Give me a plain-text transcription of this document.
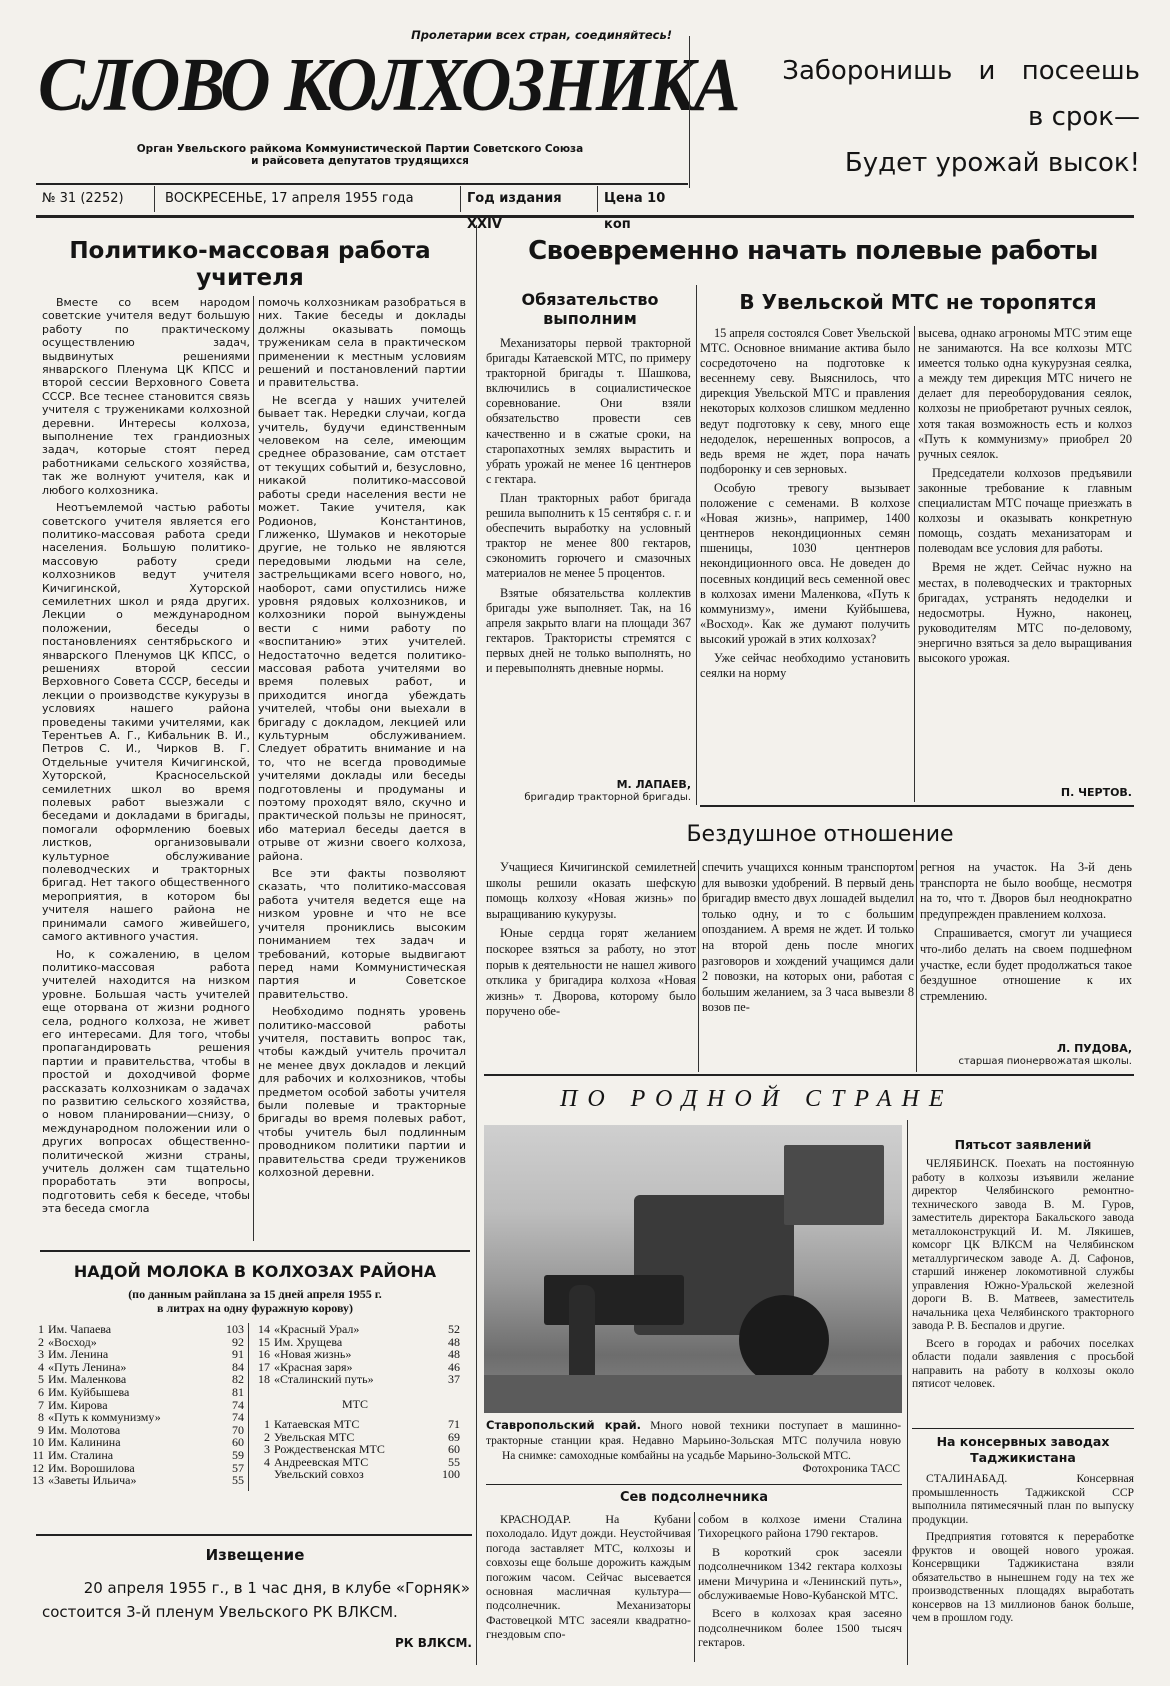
Пролетарии всех стран, соединяйтесь!
СЛОВО КОЛХОЗНИКА
Орган Увельского райкома Коммунистической Партии Советского Союза
и райсовета депутатов трудящихся
Заборонишь и посеешь
в срок—
Будет урожай высок!
№ 31 (2252)	ВОСКРЕСЕНЬЕ, 17 апреля 1955 года	Год издания XXIV
Цена 10 коп
Политико-массовая работа учителя

Вместе со всем народом советские учителя ведут большую работу по практическому осуществлению задач, выдвинутых решениями январского Пленума ЦК КПСС и второй сессии Верховного Совета СССР. Все теснее становится связь учителя с тружениками колхозной деревни. Интересы колхоза, выполнение тех грандиозных задач, которые стоят перед работниками сельского хозяйства, так же волнуют учителя, как и любого колхозника.

Неотъемлемой частью работы советского учителя является его политико-массовая работа среди населения. Большую политико-массовую работу среди колхозников ведут учителя Кичигинской, Хуторской семилетних школ и ряда других. Лекции о международном положении, беседы о постановлениях сентябрьского и январского Пленумов ЦК КПСС, о решениях второй сессии Верховного Совета СССР, беседы и лекции о производстве кукурузы в условиях нашего района проведены такими учителями, как Терентьев А. Г., Кибальник В. И., Петров С. И., Чирков В. Г. Отдельные учителя Кичигинской, Хуторской, Красносельской семилетних школ во время полевых работ выезжали с беседами и докладами в бригады, помогали оформлению боевых листков, организовывали культурное обслуживание полеводческих и тракторных бригад. Нет такого общественного мероприятия, в котором бы учителя нашего района не принимали самого живейшего, самого активного участия.

Но, к сожалению, в целом политико-массовая работа учителей находится на низком уровне. Большая часть учителей еще оторвана от жизни родного села, родного колхоза, не живет его интересами. Для того, чтобы пропагандировать решения партии и правительства, чтобы в простой и доходчивой форме рассказать колхозникам о задачах по развитию сельского хозяйства, о новом планировании—снизу, о международном положении или о других вопросах общественно-политической жизни страны, учитель должен сам тщательно проработать эти вопросы, подготовить себя к беседе, чтобы эта беседа смогла

помочь колхозникам разобраться в них. Такие беседы и доклады должны оказывать помощь труженикам села в практическом применении к местным условиям решений и постановлений партии и правительства.

Не всегда у наших учителей бывает так. Нередки случаи, когда учитель, будучи единственным человеком на селе, имеющим среднее образование, сам отстает от текущих событий и, безусловно, никакой политико-массовой работы среди населения вести не может. Такие учителя, как Родионов, Константинов, Глиженко, Шумаков и некоторые другие, не только не являются передовыми людьми на селе, застрельщиками всего нового, но, наоборот, сами опустились ниже уровня рядовых колхозников, и колхозники порой вынуждены вести с ними работу по «воспитанию» этих учителей. Недостаточно ведется политико-массовая работа учителями во время полевых работ, и приходится иногда убеждать учителей, чтобы они выехали в бригаду с докладом, лекцией или культурным обслуживанием. Следует обратить внимание и на то, что не всегда проводимые учителями доклады или беседы подготовлены и продуманы и поэтому проходят вяло, скучно и практической пользы не приносят, ибо материал беседы дается в отрыве от жизни своего колхоза, района.

Все эти факты позволяют сказать, что политико-массовая работа учителя ведется еще на низком уровне и что не все учителя прониклись высоким пониманием тех задач и требований, которые выдвигают перед нами Коммунистическая партия и Советское правительство.

Необходимо поднять уровень политико-массовой работы учителя, поставить вопрос так, чтобы каждый учитель прочитал не менее двух докладов и лекций для рабочих и колхозников, чтобы предметом особой заботы учителя были полевые и тракторные бригады во время полевых работ, чтобы учитель был подлинным проводником политики партии и правительства среди тружеников колхозной деревни.

НАДОЙ МОЛОКА В КОЛХОЗАХ РАЙОНА
(по данным райплана за 15 дней апреля 1955 г.
в литрах на одну фуражную корову)
1 Им. Чапаева	103
2 «Восход»	92
3 Им. Ленина	91
4 «Путь Ленина»	84
5 Им. Маленкова	82
6 Им. Куйбышева	81
7 Им. Кирова	74
8 «Путь к коммунизму»	74
9 Им. Молотова	70
10 Им. Калинина	60
11 Им. Сталина	59
12 Им. Ворошилова	57
13 «Заветы Ильича»	55
14 «Красный Урал»	52
15 Им. Хрущева	48
16 «Новая жизнь»	48
17 «Красная заря»	46
18 «Сталинский путь»	37
МТС
1 Катаевская МТС	71
2 Увельская МТС	69
3 Рождественская МТС	60
4 Андреевская МТС	55
Увельский совхоз	100
Извещение
20 апреля 1955 г., в 1 час дня, в клубе «Горняк»
состоится 3-й пленум Увельского РК ВЛКСМ.
РК ВЛКСМ.
Своевременно начать полевые работы
Обязательство выполним

Механизаторы первой тракторной бригады Катаевской МТС, по примеру тракторной бригады т. Шашкова, включились в социалистическое соревнование. Они взяли обязательство провести сев качественно и в сжатые сроки, на старопахотных землях вырастить и убрать урожай не менее 16 центнеров с гектара.

План тракторных работ бригада решила выполнить к 15 сентября с. г. и обеспечить выработку на условный трактор не менее 800 гектаров, сэкономить горючего и смазочных материалов не менее 5 процентов.

Взятые обязательства коллектив бригады уже выполняет. Так, на 16 апреля закрыто влаги на площади 367 гектаров. Трактористы стремятся с первых дней не только выполнять, но и перевыполнять дневные нормы.

М. ЛАПАЕВ,
бригадир тракторной бригады.
В Увельской МТС не торопятся

15 апреля состоялся Совет Увельской МТС. Основное внимание актива было сосредоточено на подготовке к весеннему севу. Выяснилось, что дирекция Увельской МТС и правления некоторых колхозов слишком медленно ведут подготовку к севу, много еще недоделок, нерешенных вопросов, а ведь время не ждет, пора начать подборонку и сев зерновых.

Особую тревогу вызывает положение с семенами. В колхозе «Новая жизнь», например, 1400 центнеров некондиционных семян пшеницы, 1030 центнеров некондиционного овса. Не доведен до посевных кондиций весь семенной овес в колхозах имени Маленкова, «Путь к коммунизму», имени Куйбышева, «Восход». Как же думают получить высокий урожай в этих колхозах?

Уже сейчас необходимо установить сеялки на норму

высева, однако агрономы МТС этим еще не занимаются. На все колхозы МТС имеется только одна кукурузная сеялка, а между тем дирекция МТС ничего не делает для переоборудования сеялок, колхозы не приобретают ручных сеялок, хотя такая возможность есть и колхоз «Путь к коммунизму» приобрел 20 ручных сеялок.

Председатели колхозов предъявили законные требование к главным специалистам МТС почаще приезжать в колхозы и оказывать конкретную помощь, создать механизаторам и полеводам все условия для работы.

Время не ждет. Сейчас нужно на местах, в полеводческих и тракторных бригадах, устранять недоделки и недосмотры. Нужно, наконец, руководителям МТС по-деловому, энергично взяться за дело выращивания высокого урожая.

П. ЧЕРТОВ.
Бездушное отношение

Учащиеся Кичигинской семилетней школы решили оказать шефскую помощь колхозу «Новая жизнь» по выращиванию кукурузы.

Юные сердца горят желанием поскорее взяться за работу, но этот порыв к деятельности не нашел живого отклика у бригадира колхоза «Новая жизнь» т. Дворова, которому было поручено обе-

спечить учащихся конным транспортом для вывозки удобрений. В первый день бригадир вместо двух лошадей выделил только одну, и то с большим опозданием. А время не ждет. И только на второй день после многих разговоров и хождений учащимся дали 2 повозки, на которых они, работая с большим желанием, за 3 часа вывезли 8 возов пе-

регноя на участок. На 3-й день транспорта не было вообще, несмотря на то, что т. Дворов был неоднократно предупрежден правлением колхоза.

Спрашивается, смогут ли учащиеся что-либо делать на своем подшефном участке, если будет продолжаться такое бездушное отношение к их стремлению.

Л. ПУДОВА,
старшая пионервожатая школы.
ПО РОДНОЙ СТРАНЕ
Ставропольский край. Много новой техники поступает в машинно-тракторные станции края. Недавно Марьино-Зольская МТС получила новую
На снимке: самоходные комбайны на усадьбе Марьино-Зольской МТС.
Фотохроника ТАСС
Сев подсолнечника

КРАСНОДАР. На Кубани похолодало. Идут дожди. Неустойчивая погода заставляет МТС, колхозы и совхозы еще больше дорожить каждым погожим часом. Сейчас высевается основная масличная культура—подсолнечник. Механизаторы Фастовецкой МТС засеяли квадратно-гнездовым спо-

собом в колхозе имени Сталина Тихорецкого района 1790 гектаров.

В короткий срок засеяли подсолнечником 1342 гектара колхозы имени Мичурина и «Ленинский путь», обслуживаемые Ново-Кубанской МТС.

Всего в колхозах края засеяно подсолнечником более 1500 тысяч гектаров.

Пятьсот заявлений

ЧЕЛЯБИНСК. Поехать на постоянную работу в колхозы изъявили желание директор Челябинского ремонтно-технического завода В. М. Гуров, заместитель директора Бакальского завода металлоконструкций И. М. Лякишев, комсорг ЦК ВЛКСМ на Челябинском металлургическом заводе А. Д. Сафонов, старший инженер локомотивной службы управления Южно-Уральской железной дороги В. В. Матвеев, заместитель начальника цеха Челябинского тракторного завода Р. В. Беспалов и другие.

Всего в городах и рабочих поселках области подали заявления с просьбой направить на работу в колхозы около пятисот человек.

На консервных заводах
Таджикистана

СТАЛИНАБАД. Консервная промышленность Таджикской ССР выполнила пятимесячный план по выпуску продукции.

Предприятия готовятся к переработке фруктов и овощей нового урожая. Консервщики Таджикистана взяли обязательство в нынешнем году на тех же производственных площадях выработать консервов на 13 миллионов банок больше, чем в прошлом году.
